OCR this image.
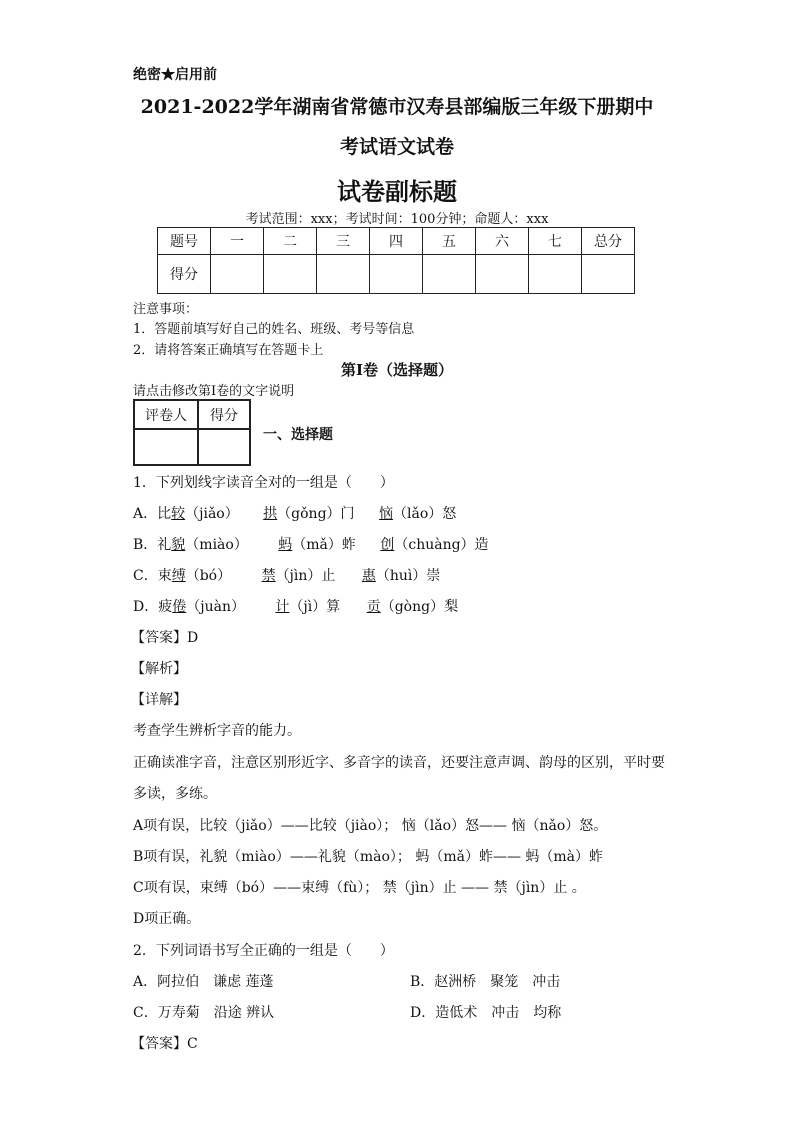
绝密★启用前
2021-2022学年湖南省常德市汉寿县部编版三年级下册期中
考试语文试卷
试卷副标题
考试范围：xxx；考试时间：100分钟；命题人：xxx
题号	一	二	三	四	五	六	七	总分
得分								
注意事项：
1．答题前填写好自己的姓名、班级、考号等信息
2．请将答案正确填写在答题卡上
第I卷（选择题）
请点击修改第I卷的文字说明
评卷人	得分

一、选择题
1．下列划线字读音全对的一组是（　　）
A．比较（jiǎo） 拱（gǒng）门 恼（lǎo）怒
B．礼貌（miào） 蚂（mǎ）蚱 创（chuàng）造
C．束缚（bó） 禁（jìn）止 惠（huì）崇
D．疲倦（juàn） 计（jì）算 贡（gòng）梨
【答案】D
【解析】
【详解】
考查学生辨析字音的能力。
正确读准字音，注意区别形近字、多音字的读音，还要注意声调、韵母的区别，平时要
多读，多练。
A项有误，比较（jiǎo）——比较（jiào）； 恼（lǎo）怒—— 恼（nǎo）怒。
B项有误，礼貌（miào）——礼貌（mào）； 蚂（mǎ）蚱—— 蚂（mà）蚱
C项有误，束缚（bó）——束缚（fù）； 禁（jìn）止 —— 禁（jìn）止 。
D项正确。
2．下列词语书写全正确的一组是（　　）
A．阿拉伯　谦虑 莲蓬	B．赵洲桥　聚笼　冲击
C．万寿菊　沿途 辨认	D．造低术　冲击　均称
【答案】C
